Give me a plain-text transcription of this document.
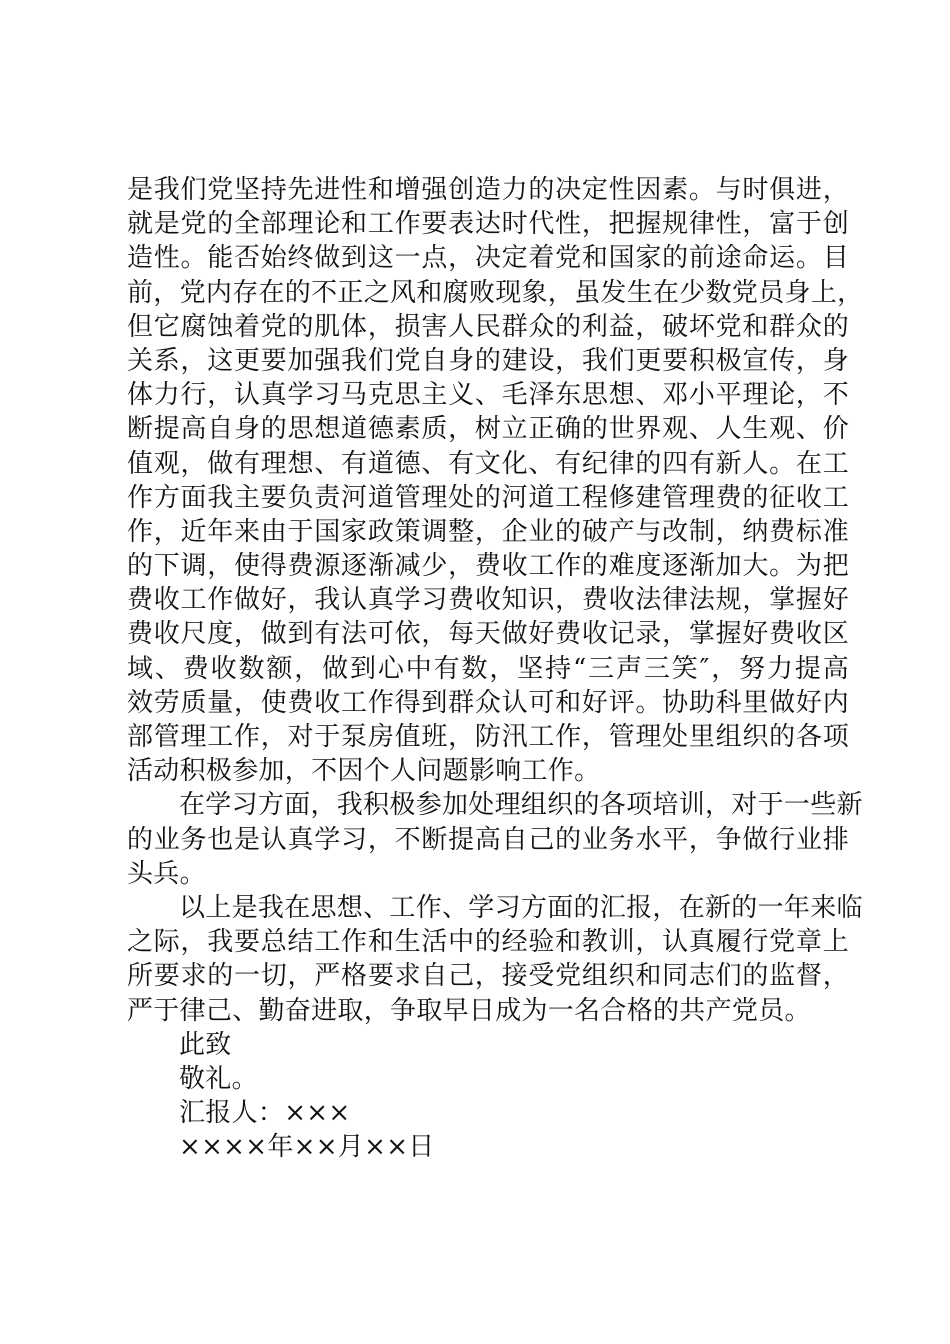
是我们党坚持先进性和增强创造力的决定性因素。与时俱进，
就是党的全部理论和工作要表达时代性，把握规律性，富于创
造性。能否始终做到这一点，决定着党和国家的前途命运。目
前，党内存在的不正之风和腐败现象，虽发生在少数党员身上，
但它腐蚀着党的肌体，损害人民群众的利益，破坏党和群众的
关系，这更要加强我们党自身的建设，我们更要积极宣传，身
体力行，认真学习马克思主义、毛泽东思想、邓小平理论，不
断提高自身的思想道德素质，树立正确的世界观、人生观、价
值观，做有理想、有道德、有文化、有纪律的四有新人。在工
作方面我主要负责河道管理处的河道工程修建管理费的征收工
作，近年来由于国家政策调整，企业的破产与改制，纳费标准
的下调，使得费源逐渐减少，费收工作的难度逐渐加大。为把
费收工作做好，我认真学习费收知识，费收法律法规，掌握好
费收尺度，做到有法可依，每天做好费收记录，掌握好费收区
域、费收数额，做到心中有数，坚持“三声三笑″，努力提高
效劳质量，使费收工作得到群众认可和好评。协助科里做好内
部管理工作，对于泵房值班，防汛工作，管理处里组织的各项
活动积极参加，不因个人问题影响工作。
在学习方面，我积极参加处理组织的各项培训，对于一些新
的业务也是认真学习，不断提高自己的业务水平，争做行业排
头兵。
以上是我在思想、工作、学习方面的汇报，在新的一年来临
之际，我要总结工作和生活中的经验和教训，认真履行党章上
所要求的一切，严格要求自己，接受党组织和同志们的监督，
严于律己、勤奋进取，争取早日成为一名合格的共产党员。
此致
敬礼。
汇报人：×××
××××年××月××日
